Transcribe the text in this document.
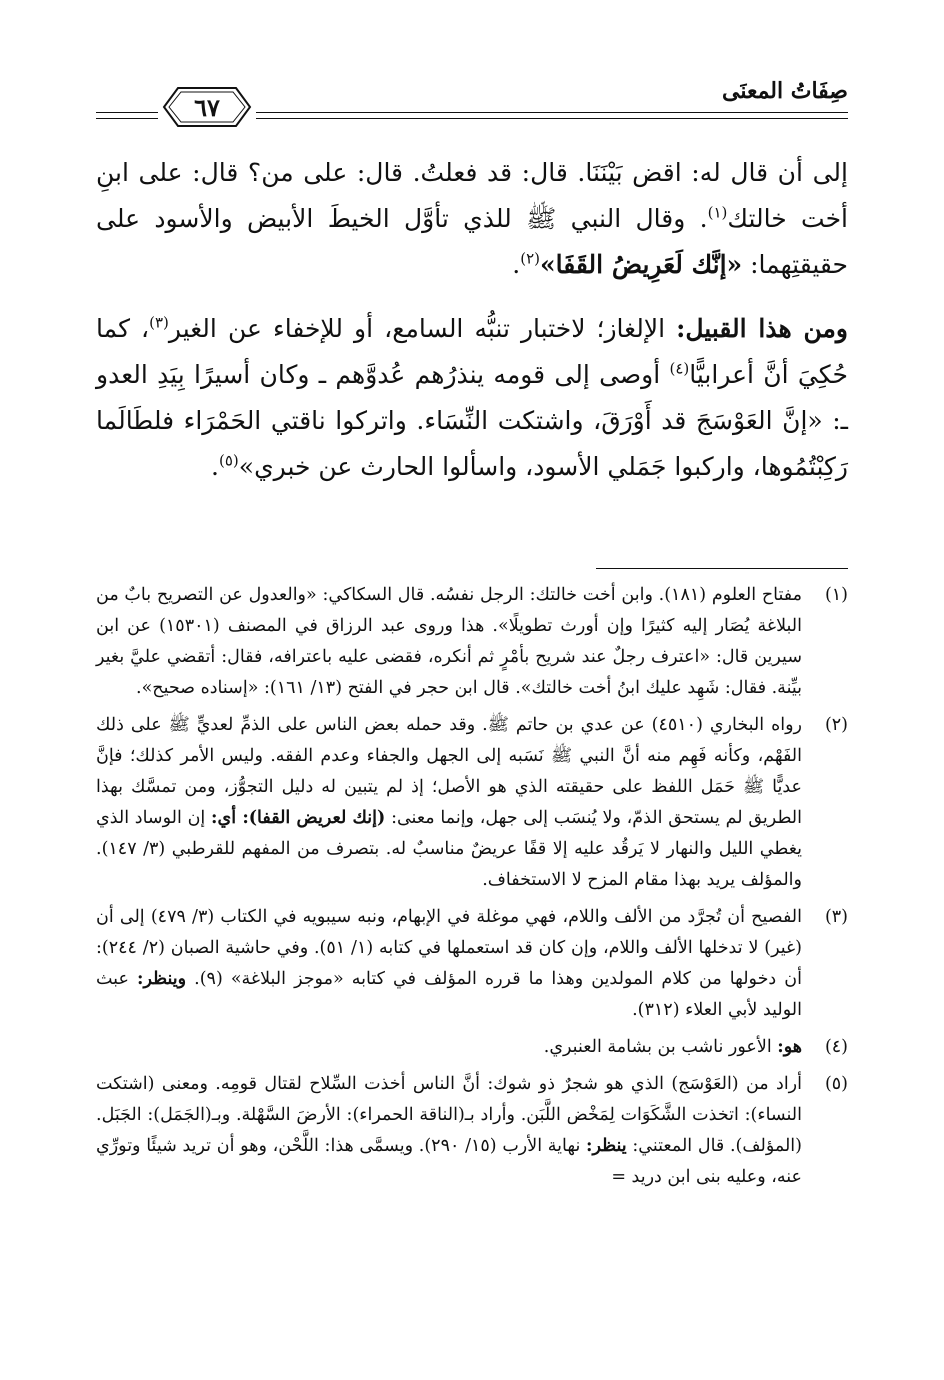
صِفَاتُ المعنَى
٦٧

إلى أن قال له: اقض بَيْنَنَا. قال: قد فعلتُ. قال: على من؟ قال: على ابنِ أخت خالتك$^{(١)}$. وقال النبي ﷺ للذي تأوَّل الخيطَ الأبيض والأسود على حقيقتِهما: «إنَّك لَعَرِيضُ القَفَا»$^{(٢)}$.

ومن هذا القبيل: الإلغاز؛ لاختبار تنبُّه السامع، أو للإخفاء عن الغير$^{(٣)}$، كما حُكِيَ أنَّ أعرابيًّا$^{(٤)}$ أوصى إلى قومه ينذرُهم عُدوَّهم ـ وكان أسيرًا بِيَدِ العدو ـ: «إنَّ العَوْسَجَ قد أَوْرَقَ، واشتكت النِّسَاء. واتركوا ناقتي الحَمْرَاء فلطَالَما رَكِبْتُمُوها، واركبوا جَمَلي الأسود، واسألوا الحارث عن خبري»$^{(٥)}$.

(١)
مفتاح العلوم (١٨١). وابن أخت خالتك: الرجل نفسُه. قال السكاكي: «والعدول عن التصريح بابٌ من البلاغة يُصَار إليه كثيرًا وإن أورث تطويلًا». هذا وروى عبد الرزاق في المصنف (١٥٣٠١) عن ابن سيرين قال: «اعترف رجلٌ عند شريح بأمْرٍ ثم أنكره، فقضى عليه باعترافه، فقال: أتقضي عليَّ بغير بيِّنة. فقال: شَهِد عليك ابنُ أخت خالتك». قال ابن حجر في الفتح (١٣/ ١٦١): «إسناده صحيح».
(٢)
رواه البخاري (٤٥١٠) عن عدي بن حاتم ﷺ. وقد حمله بعض الناس على الذمِّ لعديٍّ ﷺ على ذلك الفَهْم، وكأنه فَهِم منه أنَّ النبي ﷺ نَسَبه إلى الجهل والجفاء وعدم الفقه. وليس الأمر كذلك؛ فإنَّ عديًّا ﷺ حَمَل اللفظ على حقيقته الذي هو الأصل؛ إذ لم يتبين له دليل التجوُّز، ومن تمسَّك بهذا الطريق لم يستحق الذمّ، ولا يُنسَب إلى جهل، وإنما معنى: (إنك لعريض القفا): أي: إن الوساد الذي يغطي الليل والنهار لا يَرقُد عليه إلا قفًا عريضٌ مناسبٌ له. بتصرف من المفهم للقرطبي (٣/ ١٤٧). والمؤلف يريد بهذا مقام المزح لا الاستخفاف.
(٣)
الفصيح أن تُجرَّد من الألف واللام، فهي موغلة في الإبهام، ونبه سيبويه في الكتاب (٣/ ٤٧٩) إلى أن (غير) لا تدخلها الألف واللام، وإن كان قد استعملها في كتابه (١/ ٥١). وفي حاشية الصبان (٢/ ٢٤٤): أن دخولها من كلام المولدين وهذا ما قرره المؤلف في كتابه «موجز البلاغة» (٩). وينظر: عبث الوليد لأبي العلاء (٣١٢).
(٤)
هو: الأعور ناشب بن بشامة العنبري.
(٥)
أراد من (العَوْسَج) الذي هو شجرٌ ذو شوك: أنَّ الناس أخذت السِّلاح لقتال قومِه. ومعنى (اشتكت النساء): اتخذت الشَّكَوَات لِمَخْض اللَّبَن. وأراد بـ(الناقة الحمراء): الأرضَ السَّهْلة. وبـ(الجَمَل): الجَبَل. (المؤلف). قال المعتني: ينظر: نهاية الأرب (١٥/ ٢٩٠). ويسمَّى هذا: اللَّحْن، وهو أن تريد شيئًا وتورِّي عنه، وعليه بنى ابن دريد =
